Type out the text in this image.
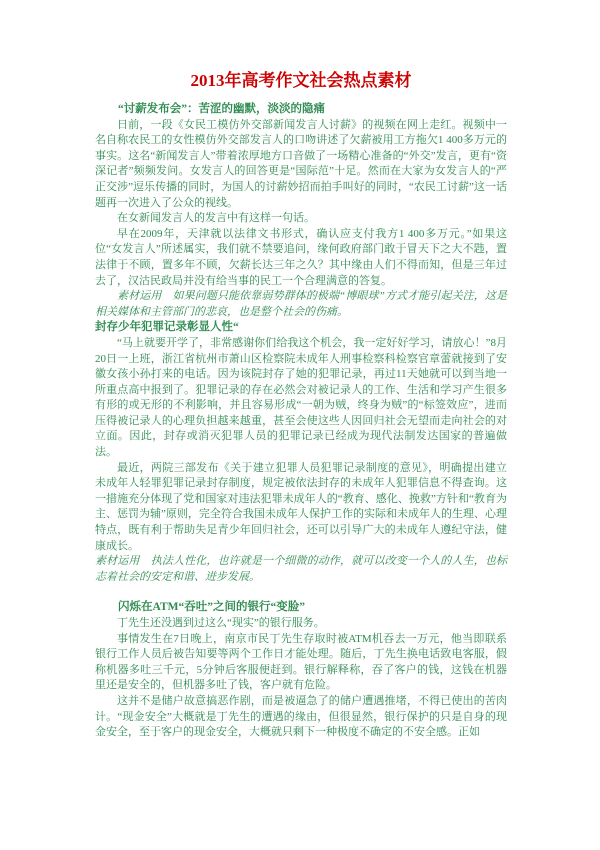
2013年高考作文社会热点素材
“讨薪发布会”：苦涩的幽默，淡淡的隐痛

日前，一段《女民工模仿外交部新闻发言人讨薪》的视频在网上走红。视频中一名自称农民工的女性模仿外交部发言人的口吻讲述了欠薪被用工方拖欠1 400多万元的事实。这名“新闻发言人”带着浓厚地方口音做了一场精心准备的“外交”发言，更有“资深记者”频频发问。女发言人的回答更是“国际范”十足。然而在大家为女发言人的“严正交涉”逗乐传播的同时，为国人的讨薪妙招而拍手叫好的同时，“农民工讨薪”这一话题再一次进入了公众的视线。

在女新闻发言人的发言中有这样一句话。

早在2009年，天津就以法律文书形式，确认应支付我方1 400多万元。”如果这位“女发言人”所述属实，我们就不禁要追问，缘何政府部门敢于冒天下之大不韪，置法律于不顾，置多年不顾，欠薪长达三年之久？其中缘由人们不得而知，但是三年过去了，汉沽民政局并没有给当事的民工一个合理满意的答复。

素材运用　如果问题只能依靠弱势群体的极端“博眼球”方式才能引起关注，这是相关媒体和主管部门的悲哀，也是整个社会的伤痛。

封存少年犯罪记录彰显人性“

“马上就要开学了，非常感谢你们给我这个机会，我一定好好学习，请放心！”8月20日一上班，浙江省杭州市萧山区检察院未成年人刑事检察科检察官章蕾就接到了安徽女孩小孙打来的电话。因为该院封存了她的犯罪记录，再过11天她就可以到当地一所重点高中报到了。犯罪记录的存在必然会对被记录人的工作、生活和学习产生很多有形的或无形的不利影响，并且容易形成“一朝为贼，终身为贼”的“标签效应”，进而压得被记录人的心理负担越来越重，甚至会使这些人因回归社会无望而走向社会的对立面。因此，封存或消灭犯罪人员的犯罪记录已经成为现代法制发达国家的普遍做法。

最近，两院三部发布《关于建立犯罪人员犯罪记录制度的意见》，明确提出建立未成年人轻罪犯罪记录封存制度，规定被依法封存的未成年人犯罪信息不得查询。这一措施充分体现了党和国家对违法犯罪未成年人的“教育、感化、挽救”方针和“教育为主、惩罚为辅”原则，完全符合我国未成年人保护工作的实际和未成年人的生理、心理特点，既有利于帮助失足青少年回归社会，还可以引导广大的未成年人遵纪守法，健康成长。

素材运用　执法人性化，也许就是一个细微的动作，就可以改变一个人的人生，也标志着社会的安定和谐、进步发展。

闪烁在ATM“吞吐”之间的银行“变脸”

丁先生还没遇到过这么“现实”的银行服务。

事情发生在7日晚上，南京市民丁先生存取时被ATM机吞去一万元，他当即联系银行工作人员后被告知要等两个工作日才能处理。随后，丁先生换电话致电客服，假称机器多吐三千元，5分钟后客服便赶到。银行解释称，吞了客户的钱，这钱在机器里还是安全的，但机器多吐了钱，客户就有危险。

这并不是储户故意搞恶作剧，而是被逼急了的储户遭遇推堵，不得已使出的苦肉计。“现金安全”大概就是丁先生的遭遇的缘由，但很显然，银行保护的只是自身的现金安全，至于客户的现金安全，大概就只剩下一种极度不确定的不安全感。正如
